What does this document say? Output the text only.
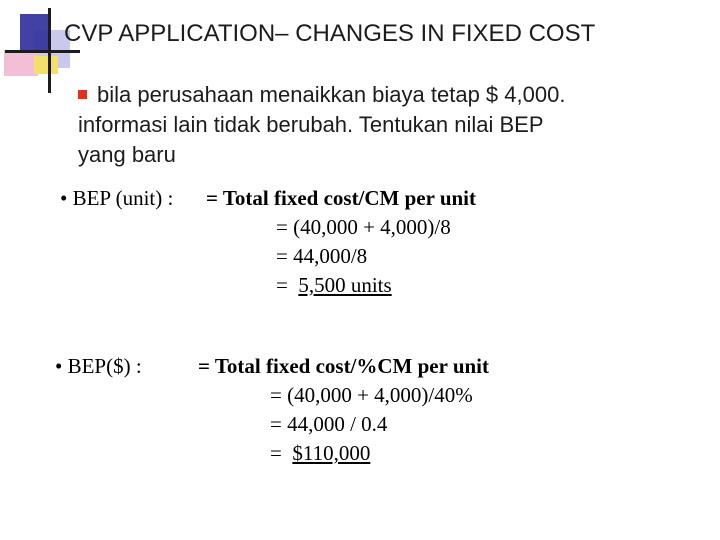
CVP APPLICATION– CHANGES IN FIXED COST
bila perusahaan menaikkan biaya tetap $ 4,000.
informasi lain tidak berubah. Tentukan nilai BEP
yang baru
• BEP (unit) : = Total fixed cost/CM per unit
= (40,000 + 4,000)/8
= 44,000/8
=  5,500 units
• BEP($) :	= Total fixed cost/%CM per unit
= (40,000 + 4,000)/40%
= 44,000 / 0.4
=  $110,000
